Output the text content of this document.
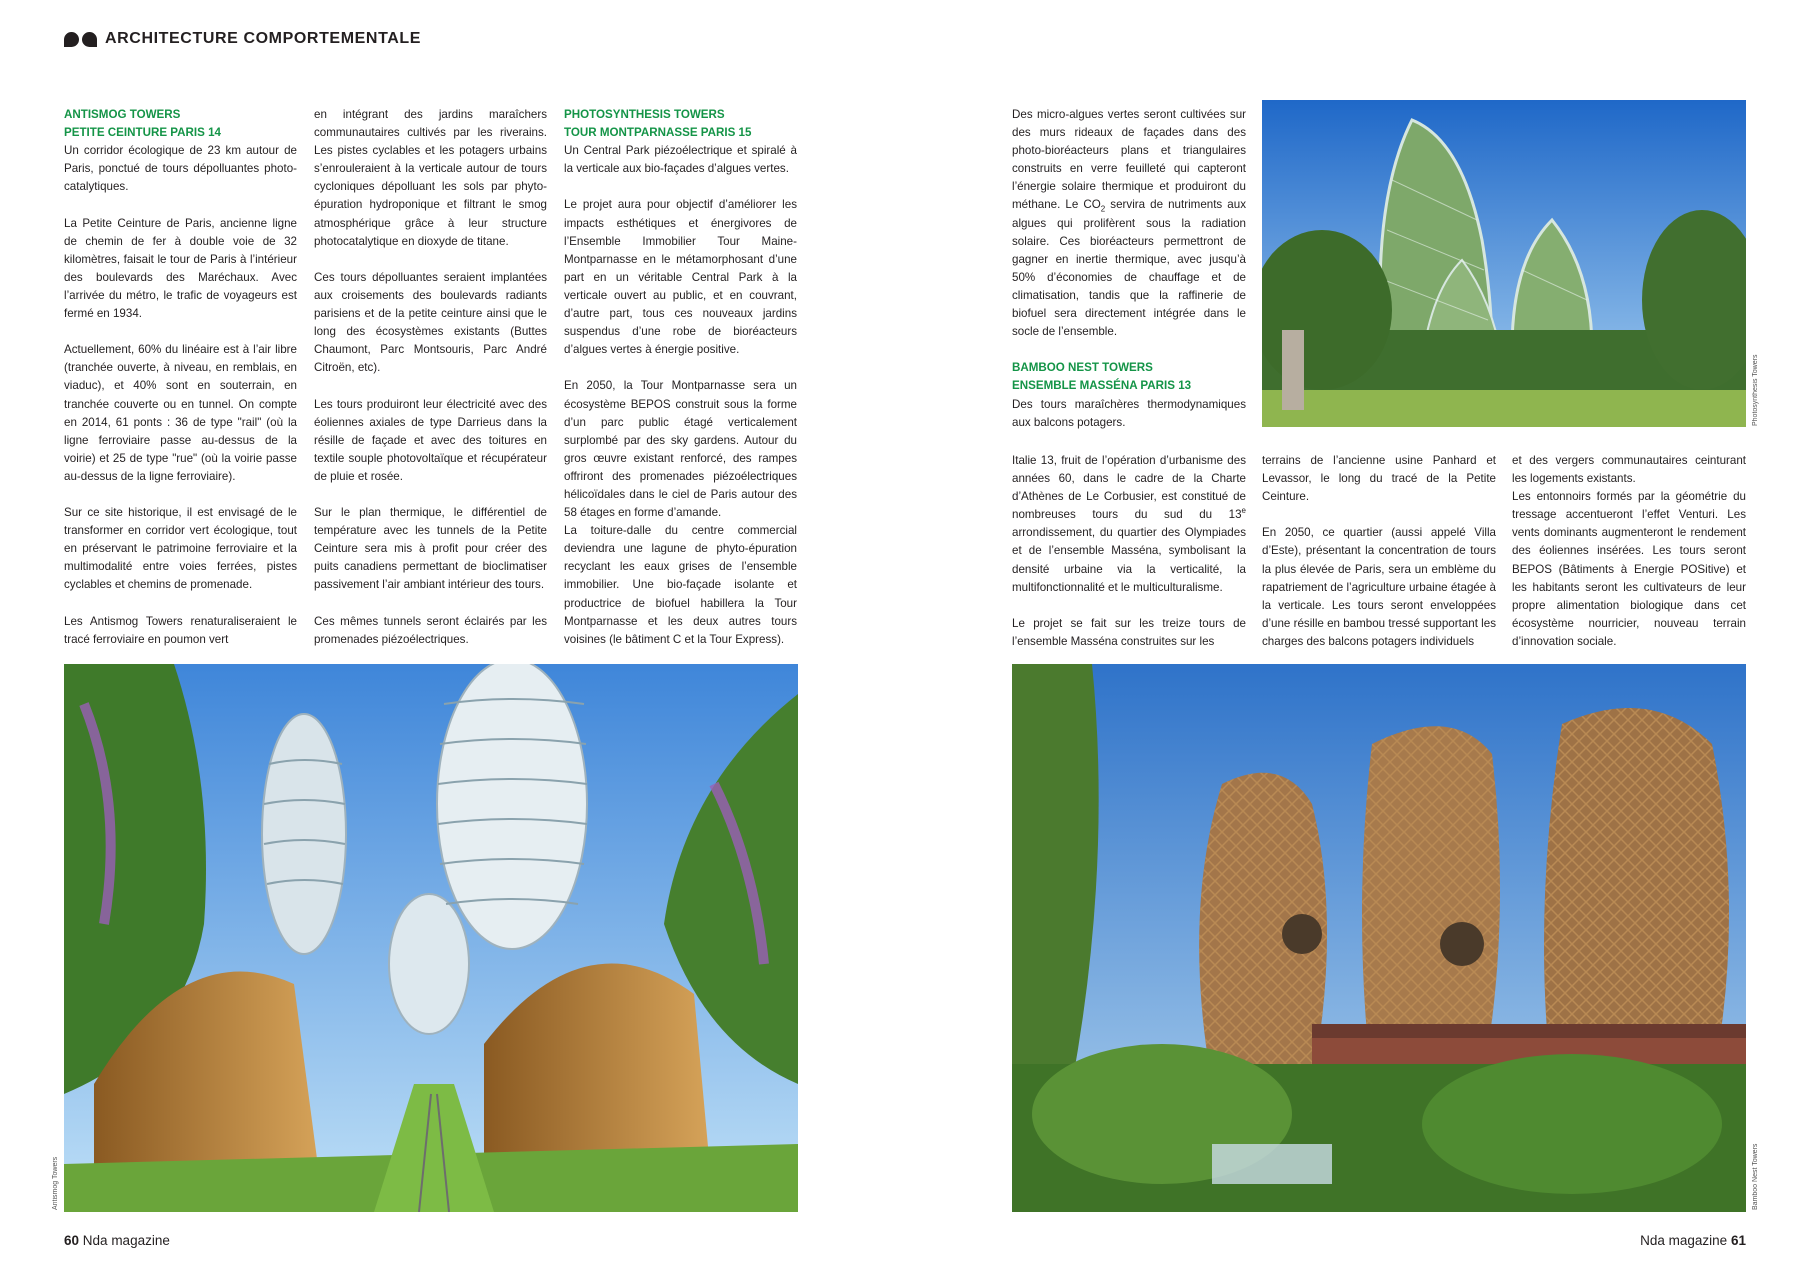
ARCHITECTURE COMPORTEMENTALE
ANTISMOG TOWERS
PETITE CEINTURE PARIS 14

Un corridor écologique de 23 km autour de Paris, ponctué de tours dépolluantes photo-catalytiques.

La Petite Ceinture de Paris, ancienne ligne de chemin de fer à double voie de 32 kilomètres, faisait le tour de Paris à l’intérieur des boulevards des Maréchaux. Avec l’arrivée du métro, le trafic de voyageurs est fermé en 1934.

Actuellement, 60% du linéaire est à l’air libre (tranchée ouverte, à niveau, en remblais, en viaduc), et 40% sont en souterrain, en tranchée couverte ou en tunnel. On compte en 2014, 61 ponts : 36 de type "rail" (où la ligne ferroviaire passe au-dessus de la voirie) et 25 de type "rue" (où la voirie passe au-dessus de la ligne ferroviaire).

Sur ce site historique, il est envisagé de le transformer en corridor vert écologique, tout en préservant le patrimoine ferroviaire et la multimodalité entre voies ferrées, pistes cyclables et chemins de promenade.

Les Antismog Towers renaturaliseraient le tracé ferroviaire en poumon vert

en intégrant des jardins maraîchers communautaires cultivés par les riverains. Les pistes cyclables et les potagers urbains s’enrouleraient à la verticale autour de tours cycloniques dépolluant les sols par phyto-épuration hydroponique et filtrant le smog atmosphérique grâce à leur structure photocatalytique en dioxyde de titane.

Ces tours dépolluantes seraient implantées aux croisements des boulevards radiants parisiens et de la petite ceinture ainsi que le long des écosystèmes existants (Buttes Chaumont, Parc Montsouris, Parc André Citroën, etc).

Les tours produiront leur électricité avec des éoliennes axiales de type Darrieus dans la résille de façade et avec des toitures en textile souple photovoltaïque et récupérateur de pluie et rosée.

Sur le plan thermique, le différentiel de température avec les tunnels de la Petite Ceinture sera mis à profit pour créer des puits canadiens permettant de bioclimatiser passivement l’air ambiant intérieur des tours.

Ces mêmes tunnels seront éclairés par les promenades piézoélectriques.

PHOTOSYNTHESIS TOWERS
TOUR MONTPARNASSE PARIS 15

Un Central Park piézoélectrique et spiralé à la verticale aux bio-façades d’algues vertes.

Le projet aura pour objectif d’améliorer les impacts esthétiques et énergivores de l’Ensemble Immobilier Tour Maine-Montparnasse en le métamorphosant d’une part en un véritable Central Park à la verticale ouvert au public, et en couvrant, d’autre part, tous ces nouveaux jardins suspendus d’une robe de bioréacteurs d’algues vertes à énergie positive.

En 2050, la Tour Montparnasse sera un écosystème BEPOS construit sous la forme d’un parc public étagé verticalement surplombé par des sky gardens. Autour du gros œuvre existant renforcé, des rampes offriront des promenades piézoélectriques hélicoïdales dans le ciel de Paris autour des 58 étages en forme d’amande.

La toiture-dalle du centre commercial deviendra une lagune de phyto-épuration recyclant les eaux grises de l’ensemble immobilier. Une bio-façade isolante et productrice de biofuel habillera la Tour Montparnasse et les deux autres tours voisines (le bâtiment C et la Tour Express).

Antismog Towers
60 Nda magazine

Des micro-algues vertes seront cultivées sur des murs rideaux de façades dans des photo-bioréacteurs plans et triangulaires construits en verre feuilleté qui capteront l’énergie solaire thermique et produiront du méthane. Le $CO_2$ servira de nutriments aux algues qui prolifèrent sous la radiation solaire. Ces bioréacteurs permettront de gagner en inertie thermique, avec jusqu’à 50% d’économies de chauffage et de climatisation, tandis que la raffinerie de biofuel sera directement intégrée dans le socle de l’ensemble.

BAMBOO NEST TOWERS
ENSEMBLE MASSÉNA PARIS 13

Des tours maraîchères thermodynamiques aux balcons potagers.	Photosynthesis Towers

Italie 13, fruit de l’opération d’urbanisme des années 60, dans le cadre de la Charte d’Athènes de Le Corbusier, est constitué de nombreuses tours du sud du 13e arrondissement, du quartier des Olympiades et de l’ensemble Masséna, symbolisant la densité urbaine via la verticalité, la multifonctionnalité et le multiculturalisme.

Le projet se fait sur les treize tours de l’ensemble Masséna construites sur les

terrains de l’ancienne usine Panhard et Levassor, le long du tracé de la Petite Ceinture.

En 2050, ce quartier (aussi appelé Villa d’Este), présentant la concentration de tours la plus élevée de Paris, sera un emblème du rapatriement de l’agriculture urbaine étagée à la verticale. Les tours seront enveloppées d’une résille en bambou tressé supportant les charges des balcons potagers individuels

et des vergers communautaires ceinturant les logements existants.

Les entonnoirs formés par la géométrie du tressage accentueront l’effet Venturi. Les vents dominants augmenteront le rendement des éoliennes insérées. Les tours seront BEPOS (Bâtiments à Energie POSitive) et les habitants seront les cultivateurs de leur propre alimentation biologique dans cet écosystème nourricier, nouveau terrain d’innovation sociale.

Bamboo Nest Towers
Nda magazine 61
